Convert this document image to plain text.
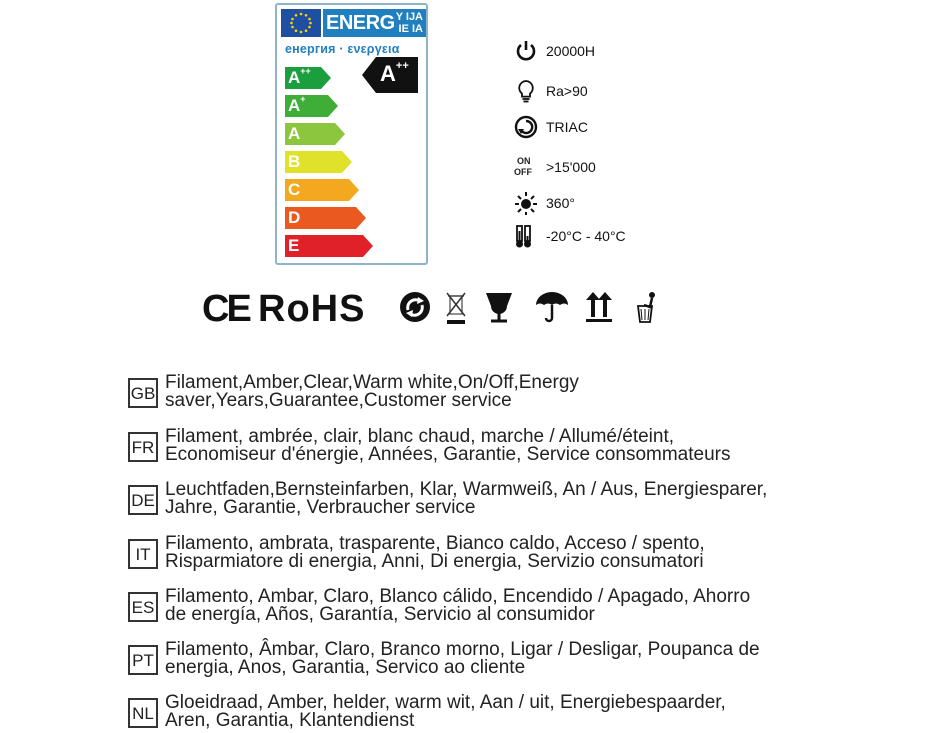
ENERG Y IJA
IE IA
енергия · ενεργεια
A++
A+
A
B
C
D
E
A++
20000H
Ra>90
TRIAC
ON
OFF >15'000
360°
-20°C - 40°C
CE RoHS
GB
Filament,Amber,Clear,Warm white,On/Off,Energy
saver,Years,Guarantee,Customer service
FR
Filament, ambrée, clair, blanc chaud, marche / Allumé/éteint,
Economiseur d'énergie, Années, Garantie, Service consommateurs
DE
Leuchtfaden,Bernsteinfarben, Klar, Warmweiß, An / Aus, Energiesparer,
Jahre, Garantie, Verbraucher service
IT
Filamento, ambrata, trasparente, Bianco caldo, Acceso / spento,
Risparmiatore di energia, Anni, Di energia, Servizio consumatori
ES
Filamento, Ambar, Claro, Blanco cálido, Encendido / Apagado, Ahorro
de energía, Años, Garantía, Servicio al consumidor
PT
Filamento, Âmbar, Claro, Branco morno, Ligar / Desligar, Poupanca de
energia, Anos, Garantia, Servico ao cliente
NL
Gloeidraad, Amber, helder, warm wit, Aan / uit, Energiebespaarder,
Aren, Garantia, Klantendienst
